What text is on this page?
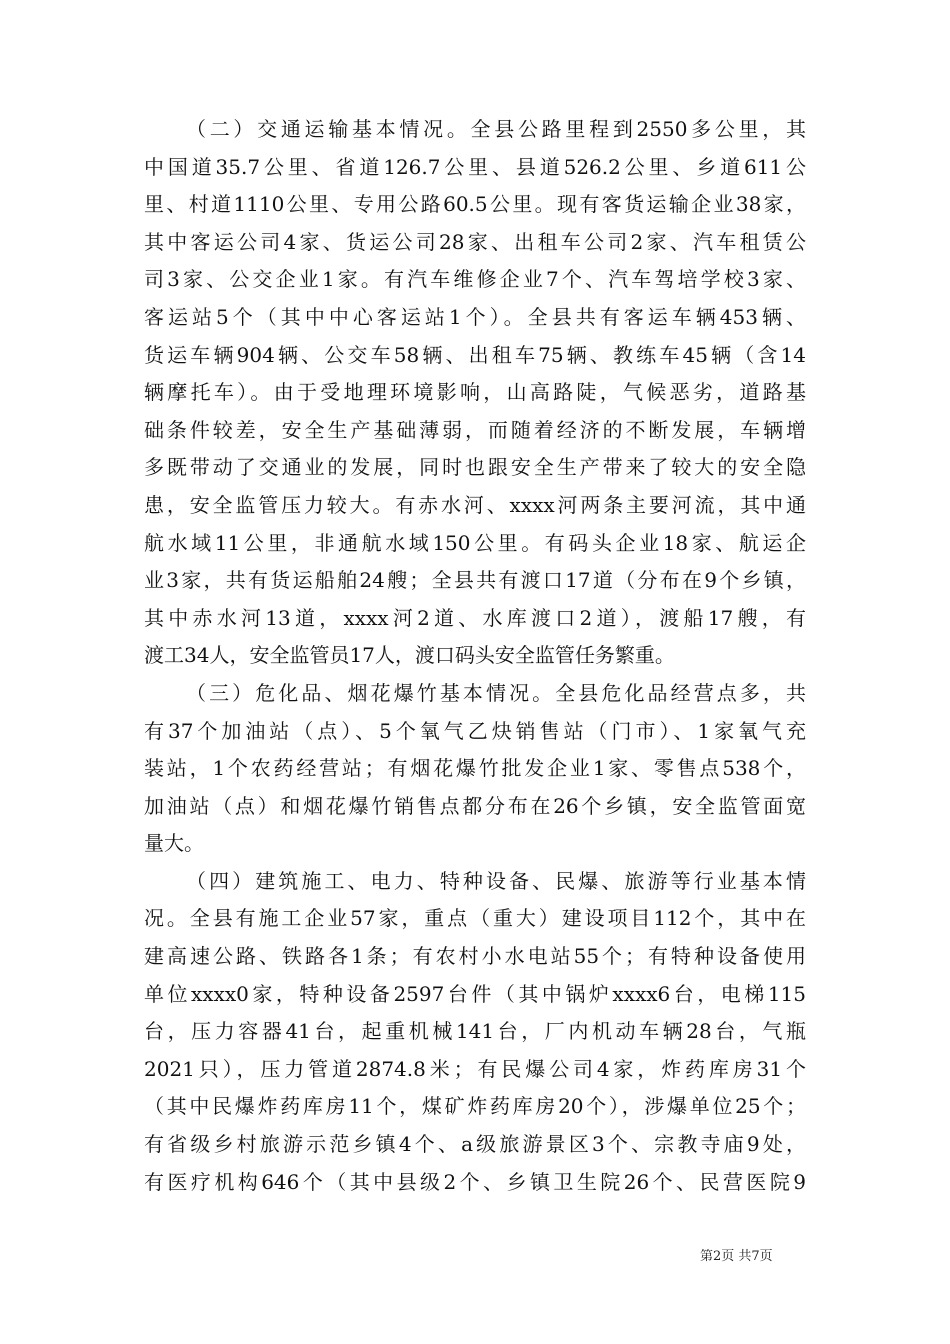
（二）交通运输基本情况。全县公路里程到2550多公里，其
中国道35.7公里、省道126.7公里、县道526.2公里、乡道611公
里、村道1110公里、专用公路60.5公里。现有客货运输企业38家，
其中客运公司4家、货运公司28家、出租车公司2家、汽车租赁公
司3家、公交企业1家。有汽车维修企业7个、汽车驾培学校3家、
客运站5个（其中中心客运站1个）。全县共有客运车辆453辆、
货运车辆904辆、公交车58辆、出租车75辆、教练车45辆（含14
辆摩托车）。由于受地理环境影响，山高路陡，气候恶劣，道路基
础条件较差，安全生产基础薄弱，而随着经济的不断发展，车辆增
多既带动了交通业的发展，同时也跟安全生产带来了较大的安全隐
患，安全监管压力较大。有赤水河、xxxx河两条主要河流，其中通
航水域11公里，非通航水域150公里。有码头企业18家、航运企
业3家，共有货运船舶24艘；全县共有渡口17道（分布在9个乡镇，
其中赤水河13道，xxxx河2道、水库渡口2道），渡船17艘，有
渡工34人，安全监管员17人，渡口码头安全监管任务繁重。
（三）危化品、烟花爆竹基本情况。全县危化品经营点多，共
有37个加油站（点）、5个氧气乙炔销售站（门市）、1家氧气充
装站，1个农药经营站；有烟花爆竹批发企业1家、零售点538个，
加油站（点）和烟花爆竹销售点都分布在26个乡镇，安全监管面宽
量大。
（四）建筑施工、电力、特种设备、民爆、旅游等行业基本情
况。全县有施工企业57家，重点（重大）建设项目112个，其中在
建高速公路、铁路各1条；有农村小水电站55个；有特种设备使用
单位xxxx0家，特种设备2597台件（其中锅炉xxxx6台，电梯115
台，压力容器41台，起重机械141台，厂内机动车辆28台，气瓶
2021只），压力管道2874.8米；有民爆公司4家，炸药库房31个
（其中民爆炸药库房11个，煤矿炸药库房20个），涉爆单位25个；
有省级乡村旅游示范乡镇4个、a级旅游景区3个、宗教寺庙9处，
有医疗机构646个（其中县级2个、乡镇卫生院26个、民营医院9
第2页 共7页
